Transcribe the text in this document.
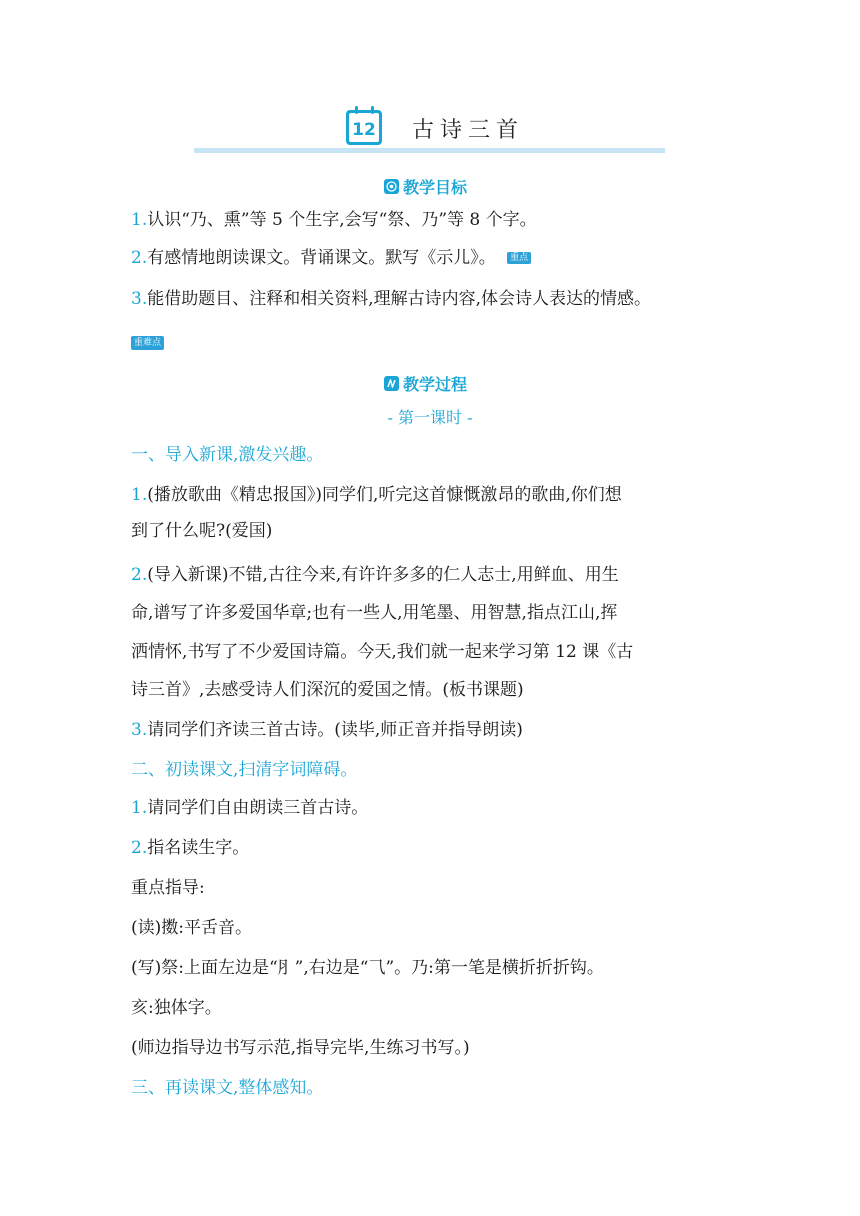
12 古诗三首
教学目标
1.认识“乃、熏”等 5 个生字,会写“祭、乃”等 8 个字。
2.有感情地朗读课文。背诵课文。默写《示儿》。 重点
3.能借助题目、注释和相关资料,理解古诗内容,体会诗人表达的情感。
重难点
教学过程
- 第一课时 -
一、导入新课,激发兴趣。
1.(播放歌曲《精忠报国》)同学们,听完这首慷慨激昂的歌曲,你们想
到了什么呢?(爱国)
2.(导入新课)不错,古往今来,有许许多多的仁人志士,用鲜血、用生
命,谱写了许多爱国华章;也有一些人,用笔墨、用智慧,指点江山,挥
洒情怀,书写了不少爱国诗篇。今天,我们就一起来学习第 12 课《古
诗三首》,去感受诗人们深沉的爱国之情。(板书课题)
3.请同学们齐读三首古诗。(读毕,师正音并指导朗读)
二、初读课文,扫清字词障碍。
1.请同学们自由朗读三首古诗。
2.指名读生字。
重点指导:
(读)擞:平舌音。
(写)祭:上面左边是“⺼”,右边是“⺄”。乃:第一笔是横折折折钩。
亥:独体字。
(师边指导边书写示范,指导完毕,生练习书写。)
三、再读课文,整体感知。
